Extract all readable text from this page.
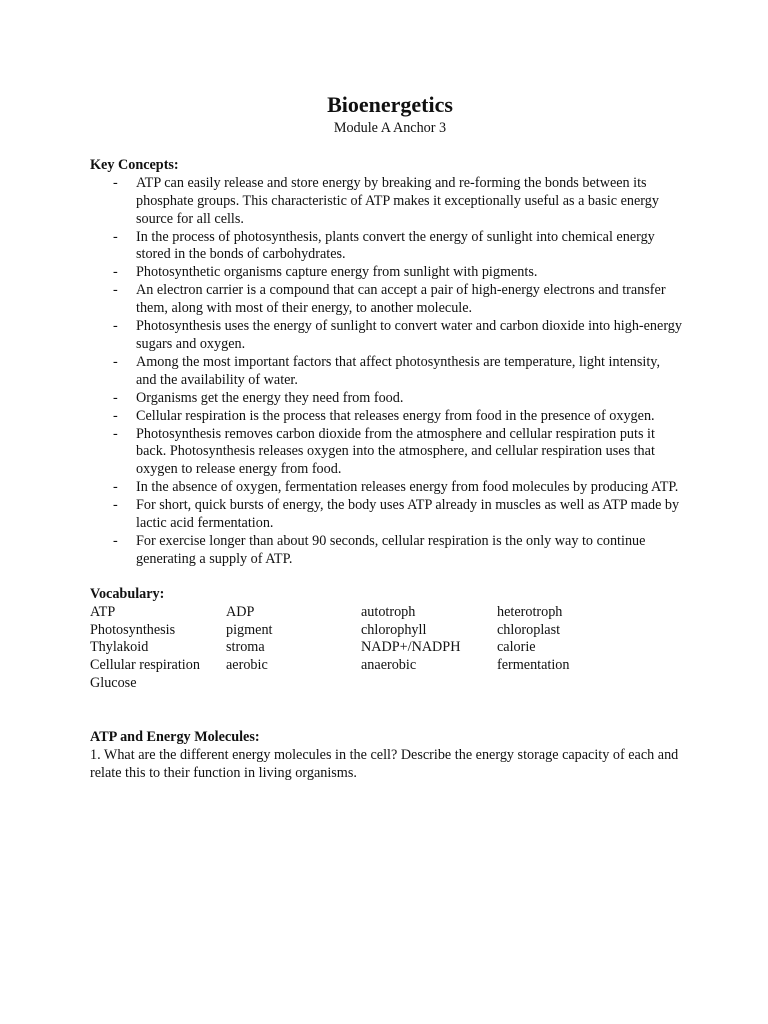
Bioenergetics

Module A Anchor 3

Key Concepts:

- ATP can easily release and store energy by breaking and re-forming the bonds between its phosphate groups. This characteristic of ATP makes it exceptionally useful as a basic energy source for all cells.
- In the process of photosynthesis, plants convert the energy of sunlight into chemical energy stored in the bonds of carbohydrates.
- Photosynthetic organisms capture energy from sunlight with pigments.
- An electron carrier is a compound that can accept a pair of high-energy electrons and transfer them, along with most of their energy, to another molecule.
- Photosynthesis uses the energy of sunlight to convert water and carbon dioxide into high-energy sugars and oxygen.
- Among the most important factors that affect photosynthesis are temperature, light intensity, and the availability of water.
- Organisms get the energy they need from food.
- Cellular respiration is the process that releases energy from food in the presence of oxygen.
- Photosynthesis removes carbon dioxide from the atmosphere and cellular respiration puts it back. Photosynthesis releases oxygen into the atmosphere, and cellular respiration uses that oxygen to release energy from food.
- In the absence of oxygen, fermentation releases energy from food molecules by producing ATP.
- For short, quick bursts of energy, the body uses ATP already in muscles as well as ATP made by lactic acid fermentation.
- For exercise longer than about 90 seconds, cellular respiration is the only way to continue generating a supply of ATP.

Vocabulary:

ATP	ADP	autotroph	heterotroph
Photosynthesis	pigment	chlorophyll	chloroplast
Thylakoid	stroma	NADP+/NADPH	calorie
Cellular respiration	aerobic	anaerobic	fermentation
Glucose

ATP and Energy Molecules:

1. What are the different energy molecules in the cell? Describe the energy storage capacity of each and relate this to their function in living organisms.
